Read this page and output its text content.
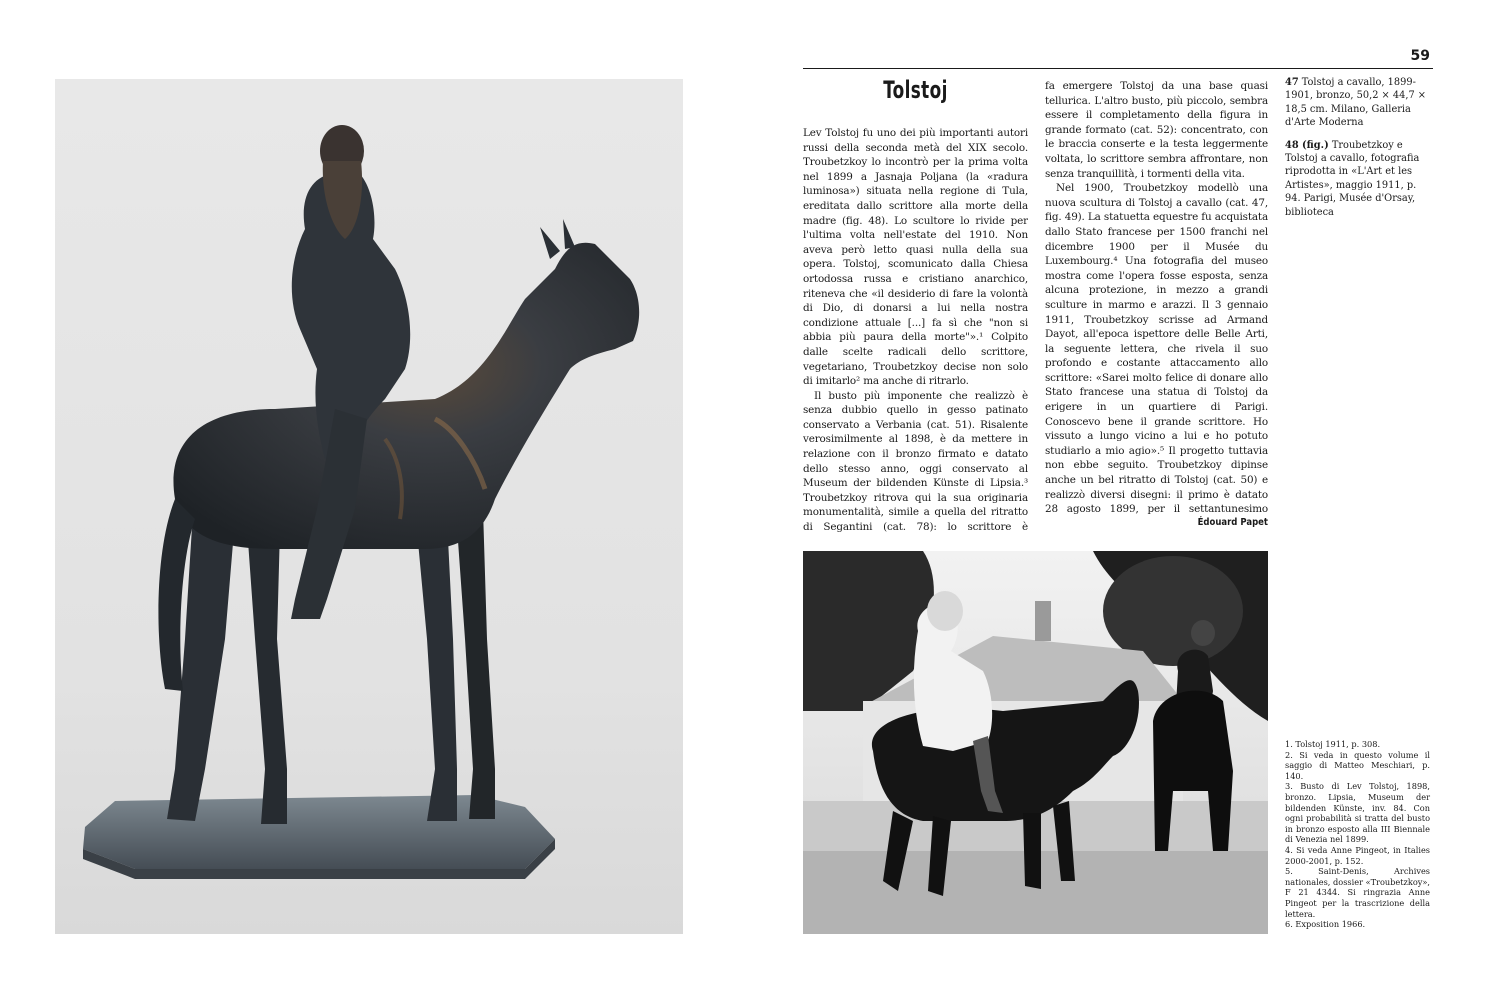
59
Tolstoj

Lev Tolstoj fu uno dei più importanti autori russi della seconda metà del XIX secolo. Troubetzkoy lo incontrò per la prima volta nel 1899 a Jasnaja Poljana (la «radura luminosa») situata nella regione di Tula, ereditata dallo scrittore alla morte della madre (fig. 48). Lo scultore lo rivide per l'ultima volta nell'estate del 1910. Non aveva però letto quasi nulla della sua opera. Tolstoj, scomunicato dalla Chiesa ortodossa russa e cristiano anarchico, riteneva che «il desiderio di fare la volontà di Dio, di donarsi a lui nella nostra condizione attuale [...] fa sì che "non si abbia più paura della morte"».¹ Colpito dalle scelte radicali dello scrittore, vegetariano, Troubetzkoy decise non solo di imitarlo² ma anche di ritrarlo.

Il busto più imponente che realizzò è senza dubbio quello in gesso patinato conservato a Verbania (cat. 51). Risalente verosimilmente al 1898, è da mettere in relazione con il bronzo firmato e datato dello stesso anno, oggi conservato al Museum der bildenden Künste di Lipsia.³ Troubetzkoy ritrova qui la sua originaria monumentalità, simile a quella del ritratto di Segantini (cat. 78): lo scrittore è

fa emergere Tolstoj da una base quasi tellurica. L'altro busto, più piccolo, sembra essere il completamento della figura in grande formato (cat. 52): concentrato, con le braccia conserte e la testa leggermente voltata, lo scrittore sembra affrontare, non senza tranquillità, i tormenti della vita.

Nel 1900, Troubetzkoy modellò una nuova scultura di Tolstoj a cavallo (cat. 47, fig. 49). La statuetta equestre fu acquistata dallo Stato francese per 1500 franchi nel dicembre 1900 per il Musée du Luxembourg.⁴ Una fotografia del museo mostra come l'opera fosse esposta, senza alcuna protezione, in mezzo a grandi sculture in marmo e arazzi. Il 3 gennaio 1911, Troubetzkoy scrisse ad Armand Dayot, all'epoca ispettore delle Belle Arti, la seguente lettera, che rivela il suo profondo e costante attaccamento allo scrittore: «Sarei molto felice di donare allo Stato francese una statua di Tolstoj da erigere in un quartiere di Parigi. Conoscevo bene il grande scrittore. Ho vissuto a lungo vicino a lui e ho potuto studiarlo a mio agio».⁵ Il progetto tuttavia non ebbe seguito. Troubetzkoy dipinse anche un bel ritratto di Tolstoj (cat. 50) e realizzò diversi disegni: il primo è datato 28 agosto 1899, per il settantunesimo

Édouard Papet
47 Tolstoj a cavallo, 1899-1901, bronzo, 50,2 × 44,7 × 18,5 cm. Milano, Galleria d'Arte Moderna
48 (fig.) Troubetzkoy e Tolstoj a cavallo, fotografia riprodotta in «L'Art et les Artistes», maggio 1911, p. 94. Parigi, Musée d'Orsay, biblioteca
1. Tolstoj 1911, p. 308.
2. Si veda in questo volume il saggio di Matteo Meschiari, p. 140.
3. Busto di Lev Tolstoj, 1898, bronzo. Lipsia, Museum der bildenden Künste, inv. 84. Con ogni probabilità si tratta del busto in bronzo esposto alla III Biennale di Venezia nel 1899.
4. Si veda Anne Pingeot, in Italies 2000-2001, p. 152.
5. Saint-Denis, Archives nationales, dossier «Troubetzkoy», F 21 4344. Si ringrazia Anne Pingeot per la trascrizione della lettera.
6. Exposition 1966.
